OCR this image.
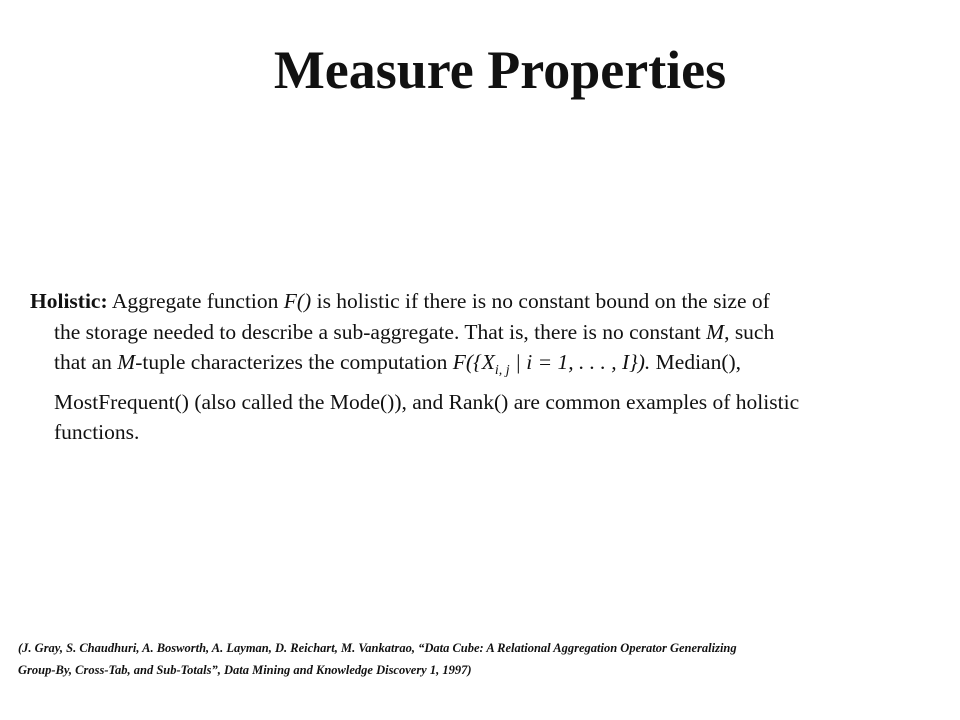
Measure Properties
Holistic: Aggregate function F() is holistic if there is no constant bound on the size of
the storage needed to describe a sub-aggregate. That is, there is no constant M, such
that an M-tuple characterizes the computation $F(\{X_{i, j}$ | i = 1, . . . , I}). Median(),
MostFrequent() (also called the Mode()), and Rank() are common examples of holistic
functions.
(J. Gray, S. Chaudhuri, A. Bosworth, A. Layman, D. Reichart, M. Vankatrao, “Data Cube: A Relational Aggregation Operator Generalizing
Group-By, Cross-Tab, and Sub-Totals”, Data Mining and Knowledge Discovery 1, 1997)
